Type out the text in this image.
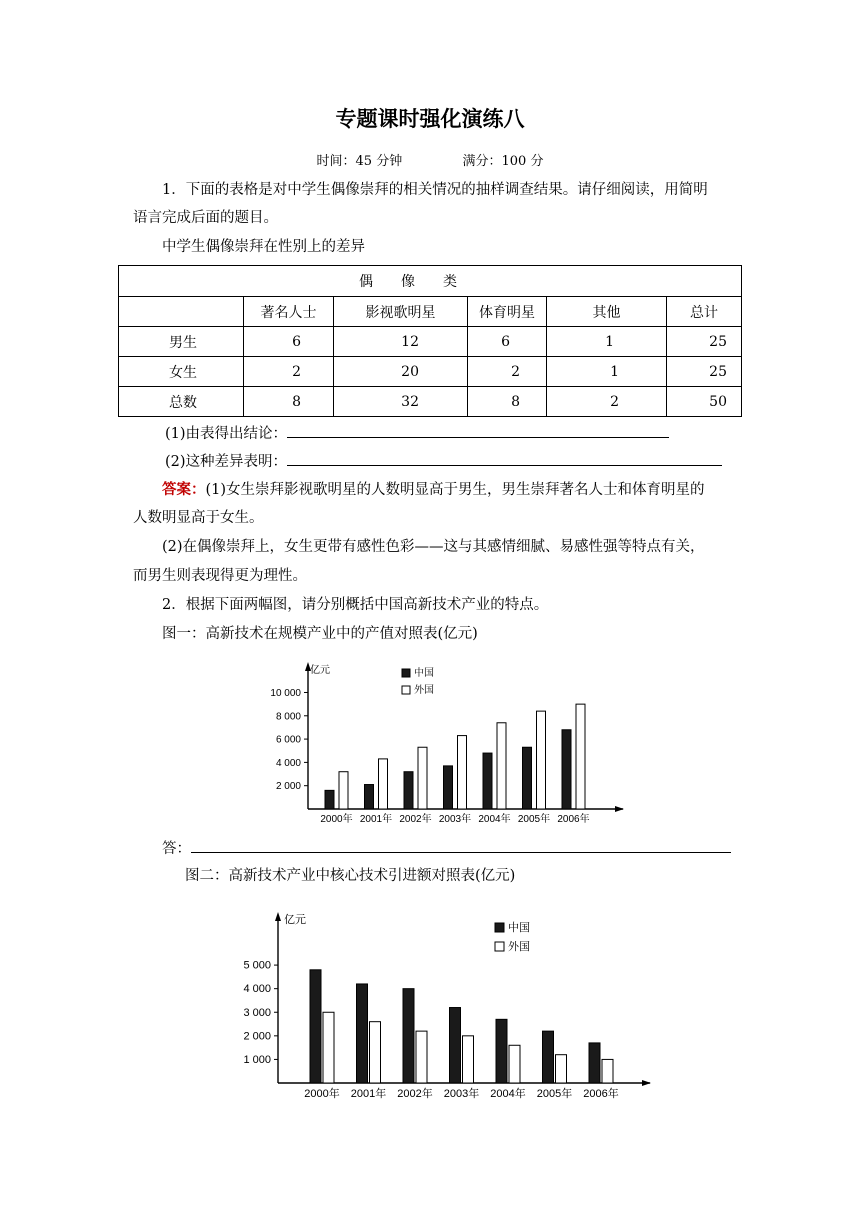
专题课时强化演练八
时间：45 分钟	满分：100 分
1．下面的表格是对中学生偶像崇拜的相关情况的抽样调查结果。请仔细阅读，用简明
语言完成后面的题目。
中学生偶像崇拜在性别上的差异
偶　　像　　类					
	著名人士	影视歌明星	体育明星	其他	总计
男生	6	12	6	1	25
女生	2	20	2	1	25
总数	8	32	8	2	50
(1)由表得出结论：
(2)这种差异表明：
答案：(1)女生崇拜影视歌明星的人数明显高于男生，男生崇拜著名人士和体育明星的
人数明显高于女生。
(2)在偶像崇拜上，女生更带有感性色彩——这与其感情细腻、易感性强等特点有关，
而男生则表现得更为理性。
2．根据下面两幅图，请分别概括中国高新技术产业的特点。
图一：高新技术在规模产业中的产值对照表(亿元)
亿元
2 000
4 000
6 000
8 000
10 000
2000年 2001年 2002年 2003年 2004年 2005年 2006年
中国
外国
答：
图二：高新技术产业中核心技术引进额对照表(亿元)
亿元
1 000
2 000
3 000
4 000
5 000
2000年 2001年 2002年 2003年 2004年 2005年 2006年
中国
外国
